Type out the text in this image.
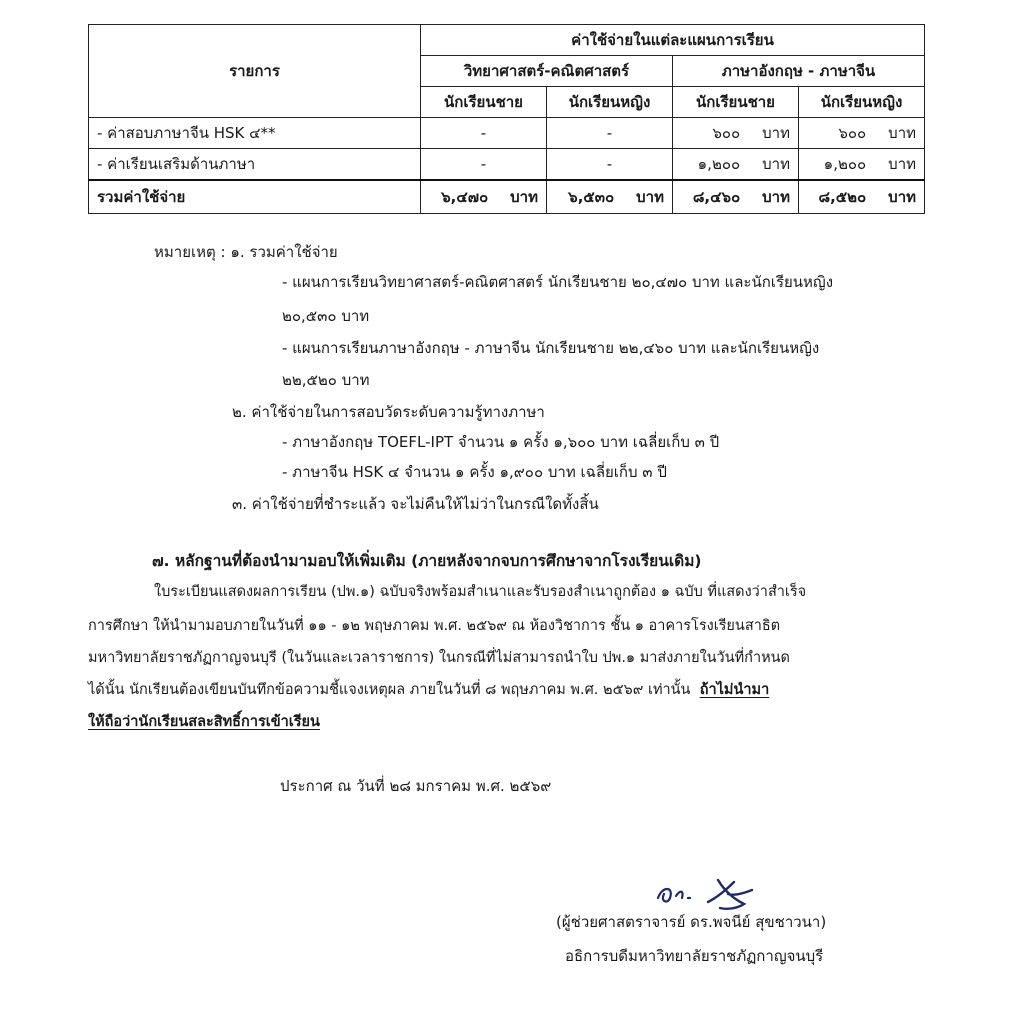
รายการ	ค่าใช้จ่ายในแต่ละแผนการเรียน			
	วิทยาศาสตร์-คณิตศาสตร์		ภาษาอังกฤษ - ภาษาจีน	
	นักเรียนชาย	นักเรียนหญิง	นักเรียนชาย	นักเรียนหญิง
- ค่าสอบภาษาจีน HSK ๔**	-	-	๖๐๐ บาท	๖๐๐ บาท
- ค่าเรียนเสริมด้านภาษา	-	-	๑,๒๐๐ บาท	๑,๒๐๐ บาท
รวมค่าใช้จ่าย	๖,๔๗๐ บาท	๖,๕๓๐ บาท	๘,๔๖๐ บาท	๘,๕๒๐ บาท
หมายเหตุ : ๑. รวมค่าใช้จ่าย
- แผนการเรียนวิทยาศาสตร์-คณิตศาสตร์ นักเรียนชาย ๒๐,๔๗๐ บาท และนักเรียนหญิง
๒๐,๕๓๐ บาท
- แผนการเรียนภาษาอังกฤษ - ภาษาจีน นักเรียนชาย ๒๒,๔๖๐ บาท และนักเรียนหญิง
๒๒,๕๒๐ บาท
๒. ค่าใช้จ่ายในการสอบวัดระดับความรู้ทางภาษา
- ภาษาอังกฤษ TOEFL-IPT จำนวน ๑ ครั้ง ๑,๖๐๐ บาท เฉลี่ยเก็บ ๓ ปี
- ภาษาจีน HSK ๔ จำนวน ๑ ครั้ง ๑,๙๐๐ บาท เฉลี่ยเก็บ ๓ ปี
๓. ค่าใช้จ่ายที่ชำระแล้ว จะไม่คืนให้ไม่ว่าในกรณีใดทั้งสิ้น
๗. หลักฐานที่ต้องนำมามอบให้เพิ่มเติม (ภายหลังจากจบการศึกษาจากโรงเรียนเดิม)
ใบระเบียนแสดงผลการเรียน (ปพ.๑) ฉบับจริงพร้อมสำเนาและรับรองสำเนาถูกต้อง ๑ ฉบับ ที่แสดงว่าสำเร็จ
การศึกษา ให้นำมามอบภายในวันที่ ๑๑ - ๑๒ พฤษภาคม พ.ศ. ๒๕๖๙ ณ ห้องวิชาการ ชั้น ๑ อาคารโรงเรียนสาธิต
มหาวิทยาลัยราชภัฏกาญจนบุรี (ในวันและเวลาราชการ) ในกรณีที่ไม่สามารถนำใบ ปพ.๑ มาส่งภายในวันที่กำหนด
ได้นั้น นักเรียนต้องเขียนบันทึกข้อความชี้แจงเหตุผล ภายในวันที่ ๘ พฤษภาคม พ.ศ. ๒๕๖๙ เท่านั้น ถ้าไม่นำมา
ให้ถือว่านักเรียนสละสิทธิ์การเข้าเรียน
ประกาศ ณ วันที่ ๒๘ มกราคม พ.ศ. ๒๕๖๙
(ผู้ช่วยศาสตราจารย์ ดร.พจนีย์ สุขชาวนา)
อธิการบดีมหาวิทยาลัยราชภัฏกาญจนบุรี
